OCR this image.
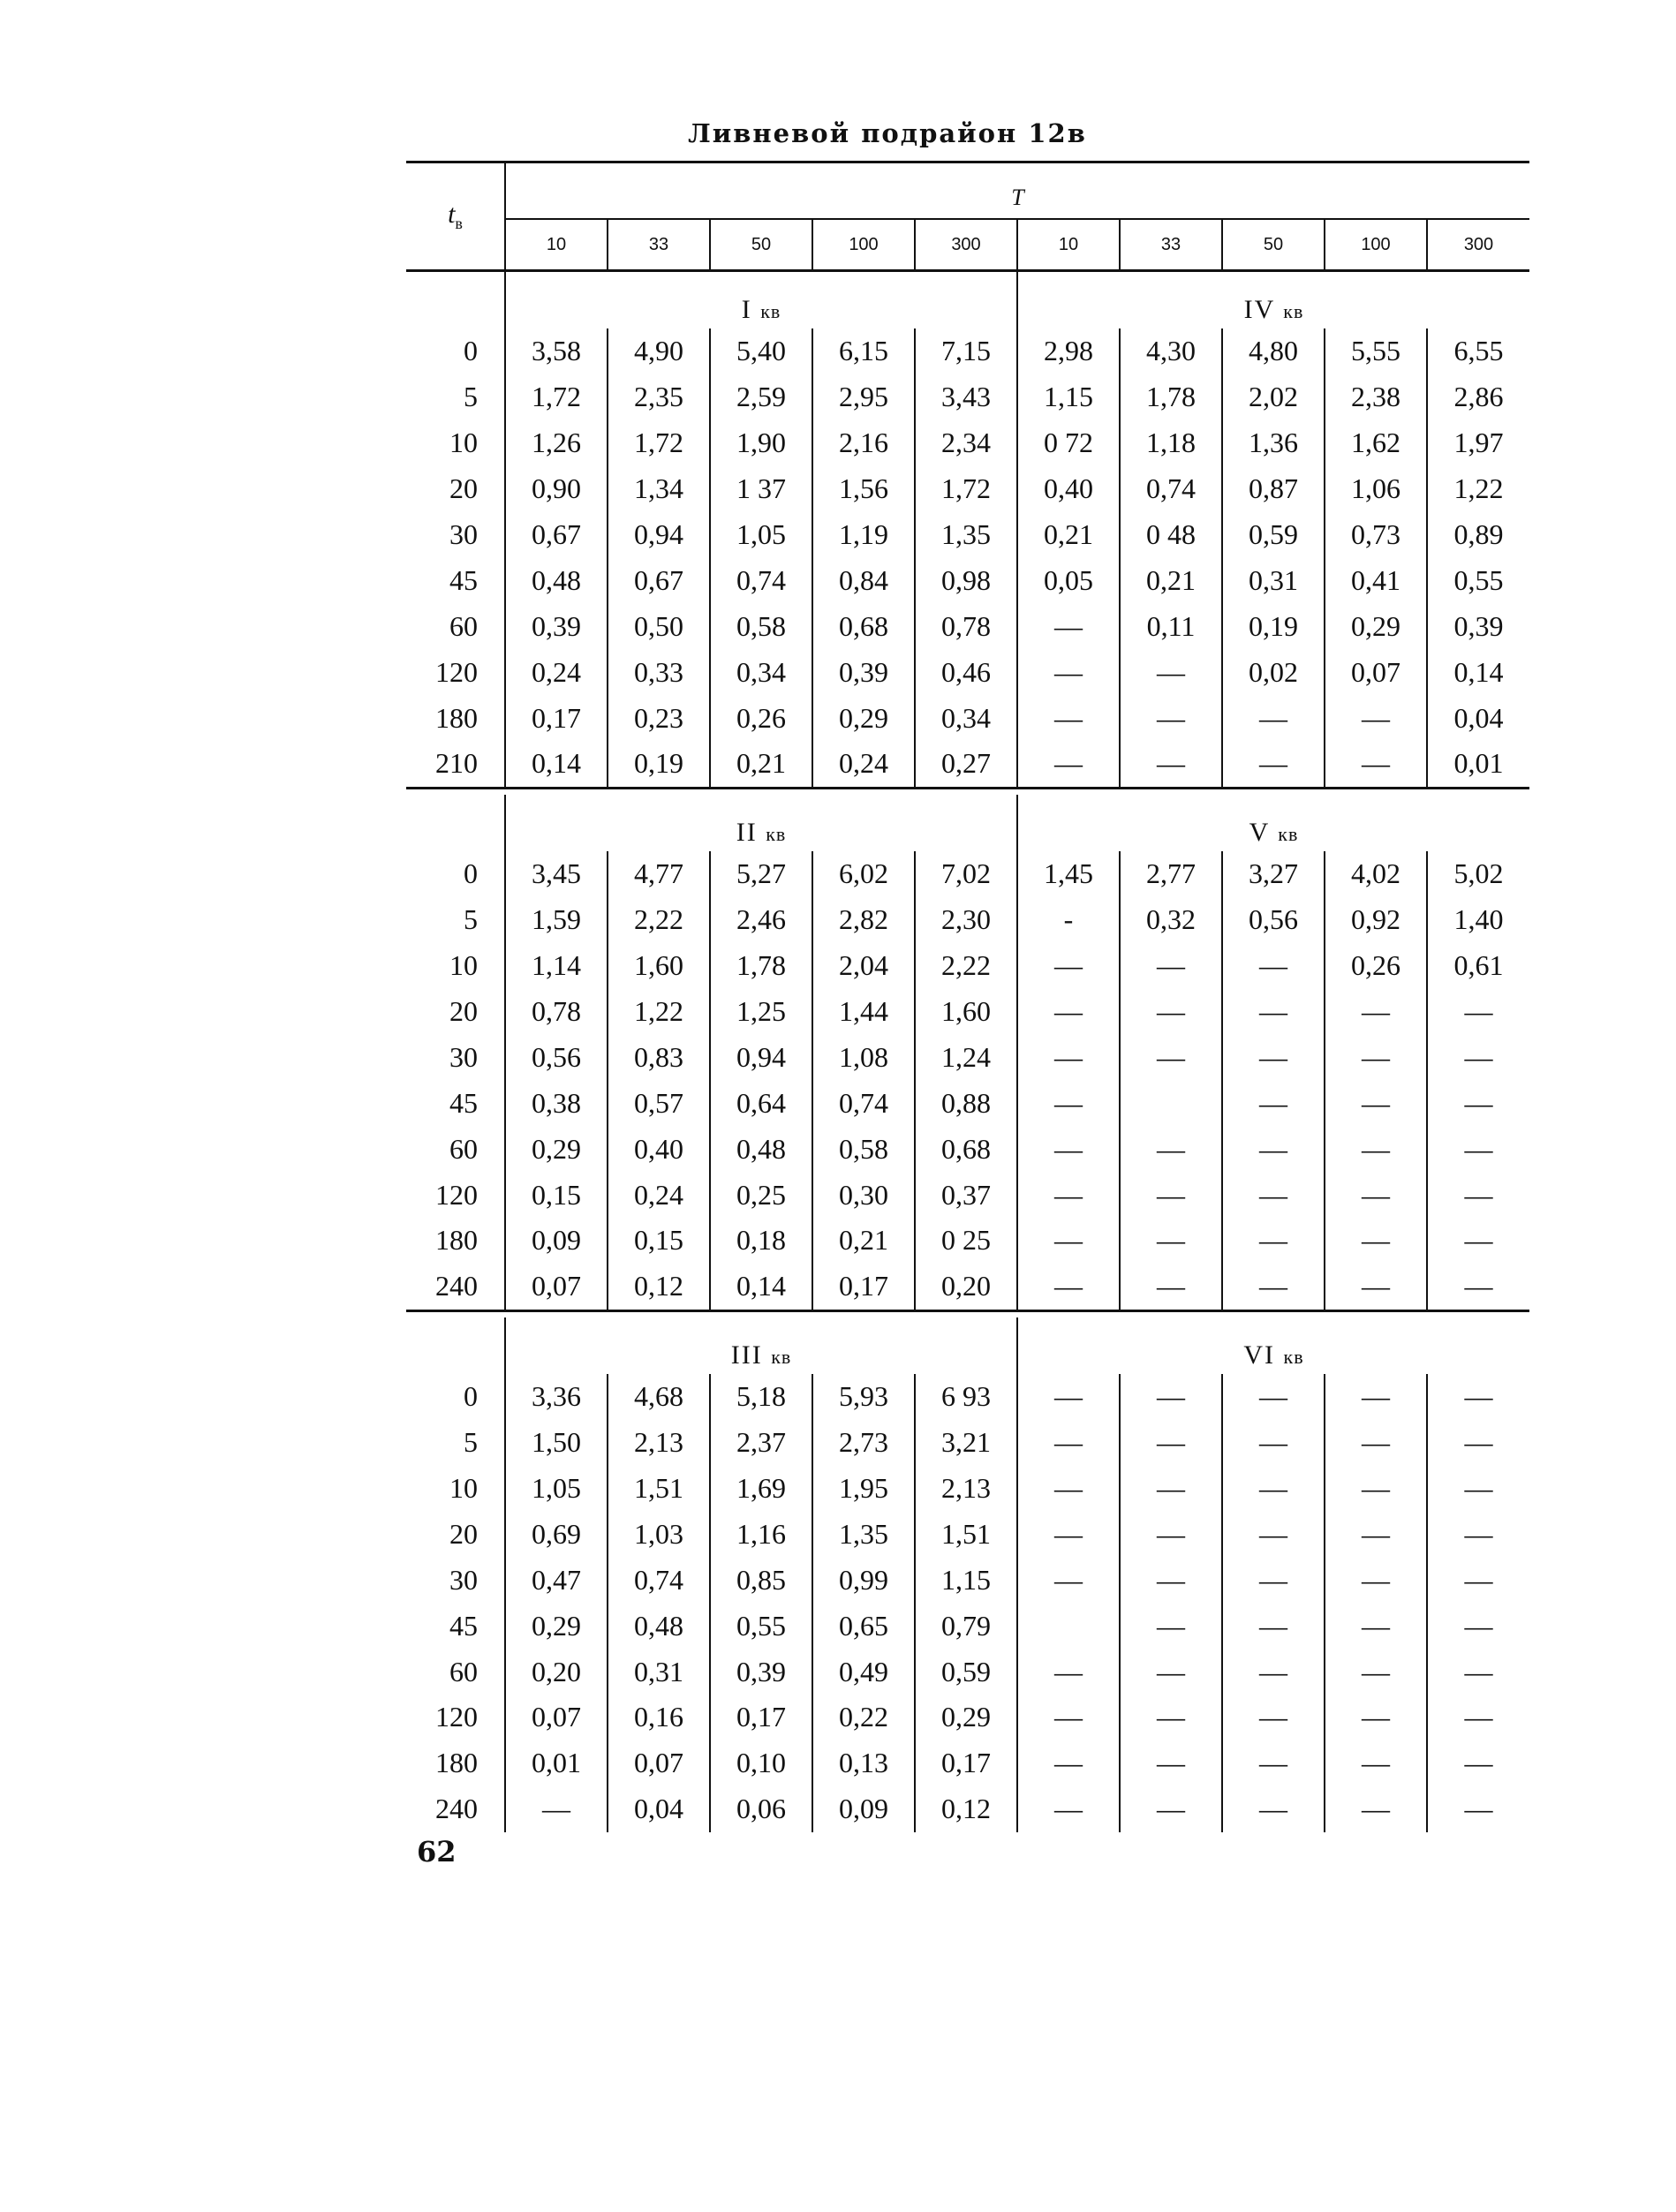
Ливневой подрайон 12в
$t_в$	T									
	10	33	50	100	300	10	33	50	100	300
	I кв					IV кв				
0	3,58	4,90	5,40	6,15	7,15	2,98	4,30	4,80	5,55	6,55
5	1,72	2,35	2,59	2,95	3,43	1,15	1,78	2,02	2,38	2,86
10	1,26	1,72	1,90	2,16	2,34	0 72	1,18	1,36	1,62	1,97
20	0,90	1,34	1 37	1,56	1,72	0,40	0,74	0,87	1,06	1,22
30	0,67	0,94	1,05	1,19	1,35	0,21	0 48	0,59	0,73	0,89
45	0,48	0,67	0,74	0,84	0,98	0,05	0,21	0,31	0,41	0,55
60	0,39	0,50	0,58	0,68	0,78	—	0,11	0,19	0,29	0,39
120	0,24	0,33	0,34	0,39	0,46	—	—	0,02	0,07	0,14
180	0,17	0,23	0,26	0,29	0,34	—	—	—	—	0,04
210	0,14	0,19	0,21	0,24	0,27	—	—	—	—	0,01

	II кв					V кв				
0	3,45	4,77	5,27	6,02	7,02	1,45	2,77	3,27	4,02	5,02
5	1,59	2,22	2,46	2,82	2,30	-	0,32	0,56	0,92	1,40
10	1,14	1,60	1,78	2,04	2,22	—	—	—	0,26	0,61
20	0,78	1,22	1,25	1,44	1,60	—	—	—	—	—
30	0,56	0,83	0,94	1,08	1,24	—	—	—	—	—
45	0,38	0,57	0,64	0,74	0,88	—		—	—	—
60	0,29	0,40	0,48	0,58	0,68	—	—	—	—	—
120	0,15	0,24	0,25	0,30	0,37	—	—	—	—	—
180	0,09	0,15	0,18	0,21	0 25	—	—	—	—	—
240	0,07	0,12	0,14	0,17	0,20	—	—	—	—	—

	III кв					VI кв				
0	3,36	4,68	5,18	5,93	6 93	—	—	—	—	—
5	1,50	2,13	2,37	2,73	3,21	—	—	—	—	—
10	1,05	1,51	1,69	1,95	2,13	—	—	—	—	—
20	0,69	1,03	1,16	1,35	1,51	—	—	—	—	—
30	0,47	0,74	0,85	0,99	1,15	—	—	—	—	—
45	0,29	0,48	0,55	0,65	0,79		—	—	—	—
60	0,20	0,31	0,39	0,49	0,59	—	—	—	—	—
120	0,07	0,16	0,17	0,22	0,29	—	—	—	—	—
180	0,01	0,07	0,10	0,13	0,17	—	—	—	—	—
240	—	0,04	0,06	0,09	0,12	—	—	—	—	—
62
